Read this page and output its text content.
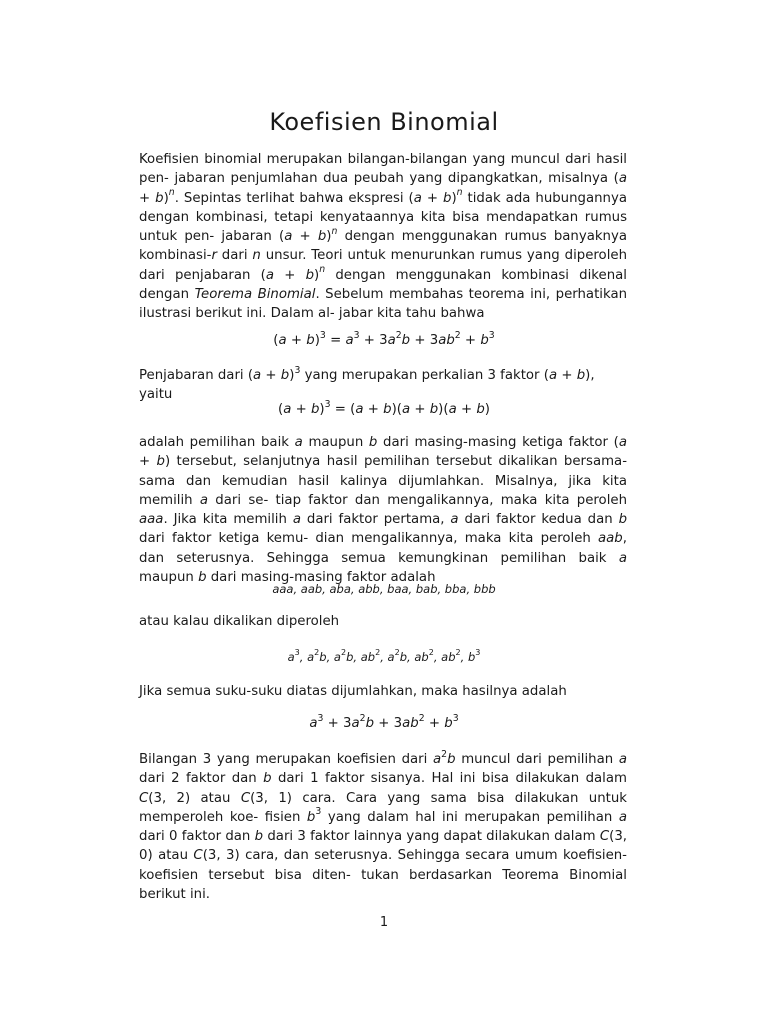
Koefisien Binomial

Koefisien binomial merupakan bilangan-bilangan yang muncul dari hasil pen- jabaran penjumlahan dua peubah yang dipangkatkan, misalnya $(a + b)^n$. Sepintas terlihat bahwa ekspresi $(a + b)^n$ tidak ada hubungannya dengan kombinasi, tetapi kenyataannya kita bisa mendapatkan rumus untuk pen- jabaran $(a + b)^n$ dengan menggunakan rumus banyaknya kombinasi-r dari n unsur. Teori untuk menurunkan rumus yang diperoleh dari penjabaran $(a + b)^n$ dengan menggunakan kombinasi dikenal dengan Teorema Binomial. Sebelum membahas teorema ini, perhatikan ilustrasi berikut ini. Dalam al- jabar kita tahu bahwa

$(a + b)^3 = a^3 + 3a^2b + 3ab^2 + b^3$

Penjabaran dari $(a + b)^3$ yang merupakan perkalian 3 faktor (a + b), yaitu

$(a + b)^3 = (a + b)(a + b)(a + b)$

adalah pemilihan baik a maupun b dari masing-masing ketiga faktor (a + b) tersebut, selanjutnya hasil pemilihan tersebut dikalikan bersama-sama dan kemudian hasil kalinya dijumlahkan. Misalnya, jika kita memilih a dari se- tiap faktor dan mengalikannya, maka kita peroleh aaa. Jika kita memilih a dari faktor pertama, a dari faktor kedua dan b dari faktor ketiga kemu- dian mengalikannya, maka kita peroleh aab, dan seterusnya. Sehingga semua kemungkinan pemilihan baik a maupun b dari masing-masing faktor adalah

aaa, aab, aba, abb, baa, bab, bba, bbb

atau kalau dikalikan diperoleh

$a^3$, $a^2b$, $a^2b$, $ab^2$, $a^2b$, $ab^2$, $ab^2$, $b^3$

Jika semua suku-suku diatas dijumlahkan, maka hasilnya adalah

$a^3 + 3a^2b + 3ab^2 + b^3$

Bilangan 3 yang merupakan koefisien dari $a^2b$ muncul dari pemilihan a dari 2 faktor dan b dari 1 faktor sisanya. Hal ini bisa dilakukan dalam C(3, 2) atau C(3, 1) cara. Cara yang sama bisa dilakukan untuk memperoleh koe- fisien $b^3$ yang dalam hal ini merupakan pemilihan a dari 0 faktor dan b dari 3 faktor lainnya yang dapat dilakukan dalam C(3, 0) atau C(3, 3) cara, dan seterusnya. Sehingga secara umum koefisien-koefisien tersebut bisa diten- tukan berdasarkan Teorema Binomial berikut ini.

1
